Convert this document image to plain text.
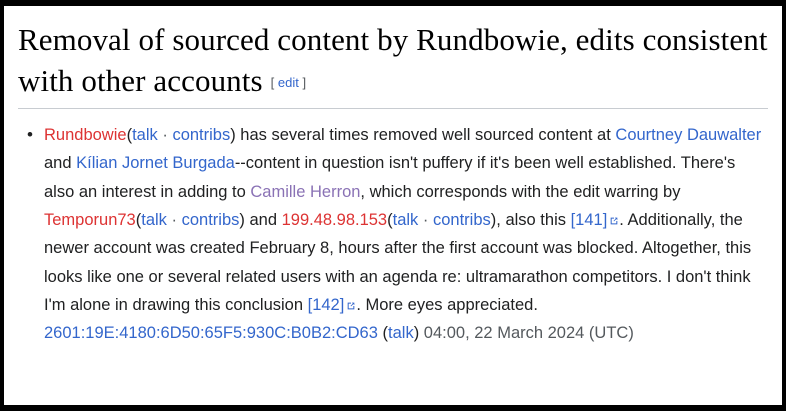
Removal of sourced content by Rundbowie, edits consistent with other accounts [ edit ]
• Rundbowie(talk · contribs) has several times removed well sourced content at Courtney Dauwalter and Kílian Jornet Burgada--content in question isn't puffery if it's been well established. There's also an interest in adding to Camille Herron, which corresponds with the edit warring by Temporun73(talk · contribs) and 199.48.98.153(talk · contribs), also this [141] . Additionally, the newer account was created February 8, hours after the first account was blocked. Altogether, this looks like one or several related users with an agenda re: ultramarathon competitors. I don't think I'm alone in drawing this conclusion [142] . More eyes appreciated. 2601:19E:4180:6D50:65F5:930C:B0B2:CD63 (talk) 04:00, 22 March 2024 (UTC)
